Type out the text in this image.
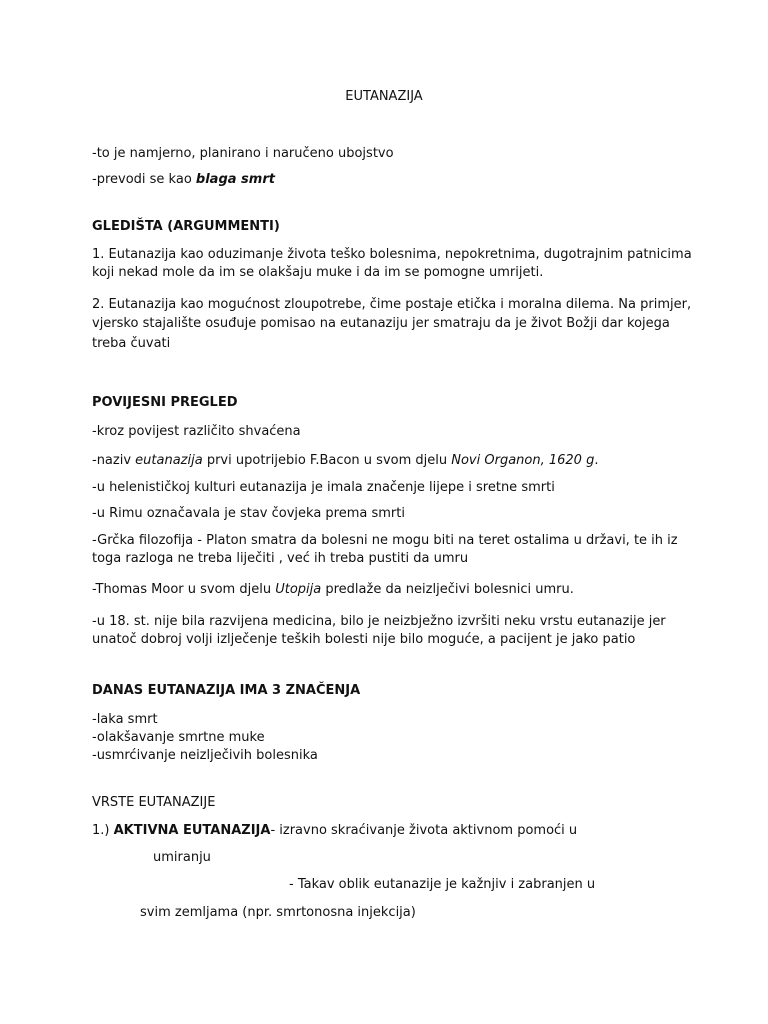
EUTANAZIJA
-to je namjerno, planirano i naručeno ubojstvo
-prevodi se kao blaga smrt
GLEDIŠTA (ARGUMMENTI)
1. Eutanazija kao oduzimanje života teško bolesnima, nepokretnima, dugotrajnim patnicima
koji nekad mole da im se olakšaju muke i da im se pomogne umrijeti.
2. Eutanazija kao mogućnost zloupotrebe, čime postaje etička i moralna dilema. Na primjer,
vjersko stajalište osuđuje pomisao na eutanaziju jer smatraju da je život Božji dar kojega
treba čuvati
POVIJESNI PREGLED
-kroz povijest različito shvaćena
-naziv eutanazija prvi upotrijebio F.Bacon u svom djelu Novi Organon, 1620 g.
-u helenističkoj kulturi eutanazija je imala značenje lijepe i sretne smrti
-u Rimu označavala je stav čovjeka prema smrti
-Grčka filozofija - Platon smatra da bolesni ne mogu biti na teret ostalima u državi, te ih iz
toga razloga ne treba liječiti , već ih treba pustiti da umru
-Thomas Moor u svom djelu Utopija predlaže da neizlječivi bolesnici umru.
-u 18. st. nije bila razvijena medicina, bilo je neizbježno izvršiti neku vrstu eutanazije jer
unatoč dobroj volji izlječenje teških bolesti nije bilo moguće, a pacijent je jako patio
DANAS EUTANAZIJA IMA 3 ZNAČENJA
-laka smrt
-olakšavanje smrtne muke
-usmrćivanje neizlječivih bolesnika
VRSTE EUTANAZIJE
1.) AKTIVNA EUTANAZIJA- izravno skraćivanje života aktivnom pomoći u
umiranju
- Takav oblik eutanazije je kažnjiv i zabranjen u
svim zemljama (npr. smrtonosna injekcija)
